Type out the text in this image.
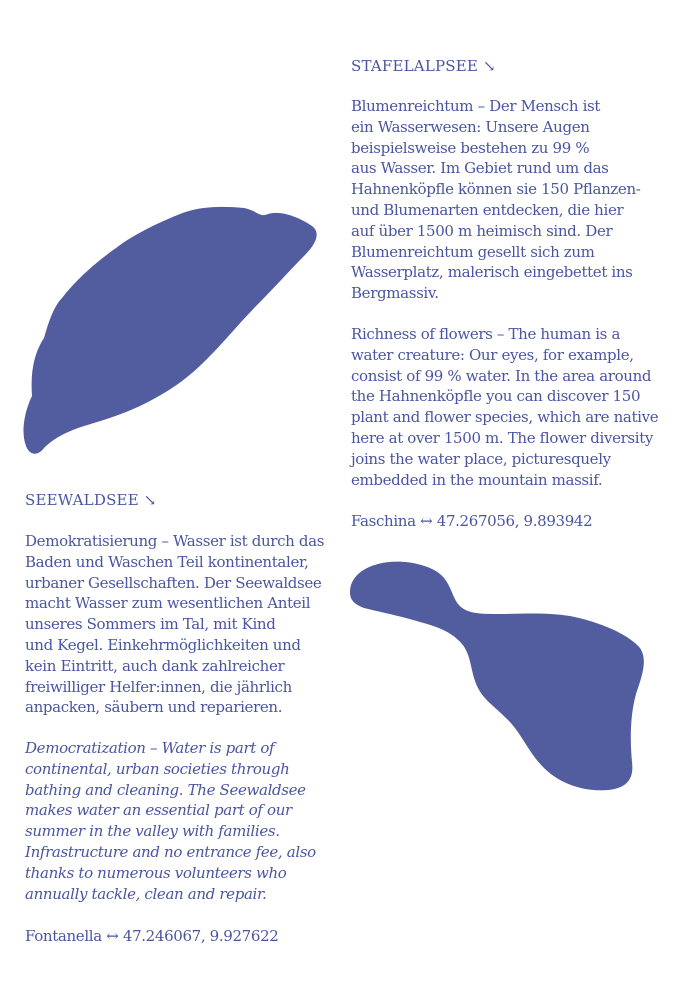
STAFELALPSEE ↘

Blumenreichtum – Der Mensch ist
ein Wasserwesen: Unsere Augen
beispielsweise bestehen zu 99 %
aus Wasser. Im Gebiet rund um das
Hahnenköpfle können sie 150 Pflanzen-
und Blumenarten entdecken, die hier
auf über 1500 m heimisch sind. Der
Blumenreichtum gesellt sich zum
Wasserplatz, malerisch eingebettet ins
Bergmassiv.

Richness of flowers – The human is a
water creature: Our eyes, for example,
consist of 99 % water. In the area around
the Hahnenköpfle you can discover 150
plant and flower species, which are native
here at over 1500 m. The flower diversity
joins the water place, picturesquely
embedded in the mountain massif.

Faschina ↔ 47.267056, 9.893942
SEEWALDSEE ↘

Demokratisierung – Wasser ist durch das
Baden und Waschen Teil kontinentaler,
urbaner Gesellschaften. Der Seewaldsee
macht Wasser zum wesentlichen Anteil
unseres Sommers im Tal, mit Kind
und Kegel. Einkehrmöglichkeiten und
kein Eintritt, auch dank zahlreicher
freiwilliger Helfer:innen, die jährlich
anpacken, säubern und reparieren.

Democratization – Water is part of
continental, urban societies through
bathing and cleaning. The Seewaldsee
makes water an essential part of our
summer in the valley with families.
Infrastructure and no entrance fee, also
thanks to numerous volunteers who
annually tackle, clean and repair.

Fontanella ↔ 47.246067, 9.927622
